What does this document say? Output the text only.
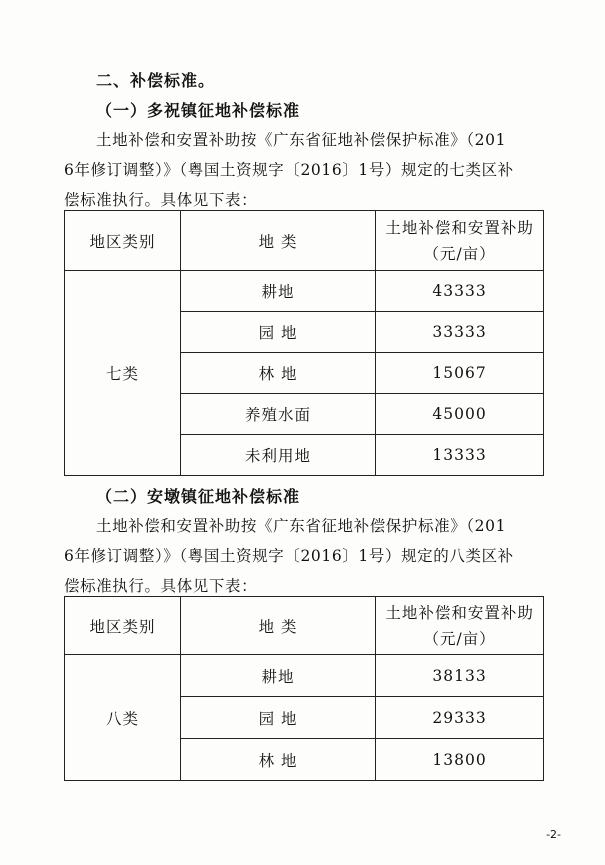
二、补偿标准。
（一）多祝镇征地补偿标准
土地补偿和安置补助按《广东省征地补偿保护标准》（201
6年修订调整）》（粤国土资规字〔2016〕1号）规定的七类区补
偿标准执行。具体见下表：
地区类别	地 类	土地补偿和安置补助
（元/亩）

七类	耕地	43333
	园 地	33333
	林 地	15067
	养殖水面	45000
	未利用地	13333
（二）安墩镇征地补偿标准
土地补偿和安置补助按《广东省征地补偿保护标准》（201
6年修订调整）》（粤国土资规字〔2016〕1号）规定的八类区补
偿标准执行。具体见下表：
地区类别	地 类	土地补偿和安置补助
（元/亩）

八类	耕地	38133
	园 地	29333
	林 地	13800
-2-
